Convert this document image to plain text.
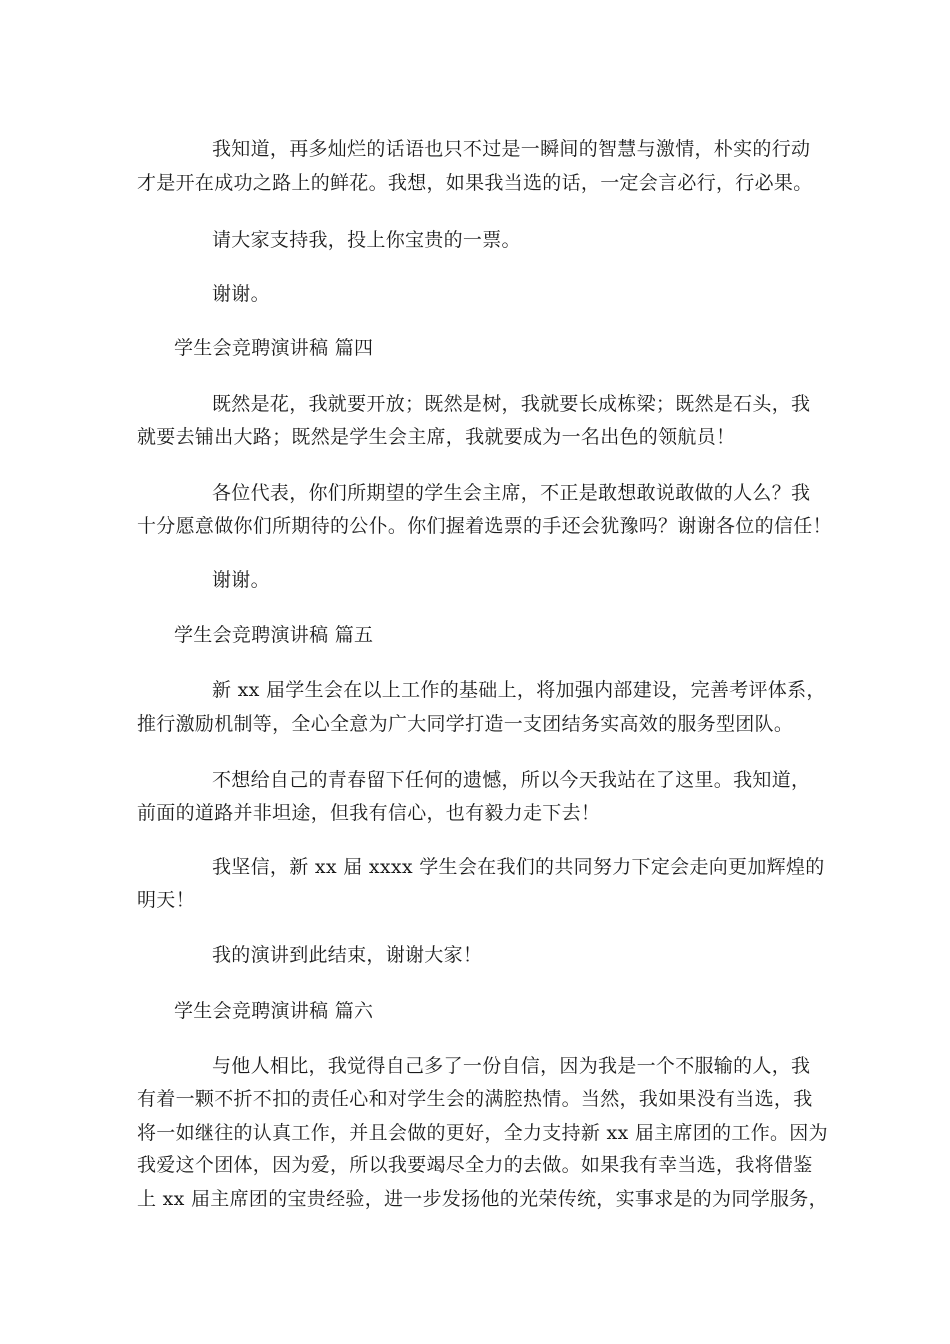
我知道，再多灿烂的话语也只不过是一瞬间的智慧与激情，朴实的行动
才是开在成功之路上的鲜花。我想，如果我当选的话，一定会言必行，行必果。
请大家支持我，投上你宝贵的一票。
谢谢。
学生会竞聘演讲稿 篇四
既然是花，我就要开放；既然是树，我就要长成栋梁；既然是石头，我
就要去铺出大路；既然是学生会主席，我就要成为一名出色的领航员！
各位代表，你们所期望的学生会主席，不正是敢想敢说敢做的人么？我
十分愿意做你们所期待的公仆。你们握着选票的手还会犹豫吗？谢谢各位的信任！
谢谢。
学生会竞聘演讲稿 篇五
新 xx 届学生会在以上工作的基础上，将加强内部建设，完善考评体系，
推行激励机制等，全心全意为广大同学打造一支团结务实高效的服务型团队。
不想给自己的青春留下任何的遗憾，所以今天我站在了这里。我知道，
前面的道路并非坦途，但我有信心，也有毅力走下去！
我坚信，新 xx 届 xxxx 学生会在我们的共同努力下定会走向更加辉煌的
明天！
我的演讲到此结束，谢谢大家！
学生会竞聘演讲稿 篇六
与他人相比，我觉得自己多了一份自信，因为我是一个不服输的人，我
有着一颗不折不扣的责任心和对学生会的满腔热情。当然，我如果没有当选，我
将一如继往的认真工作，并且会做的更好，全力支持新 xx 届主席团的工作。因为
我爱这个团体，因为爱，所以我要竭尽全力的去做。如果我有幸当选，我将借鉴
上 xx 届主席团的宝贵经验，进一步发扬他的光荣传统，实事求是的为同学服务，
